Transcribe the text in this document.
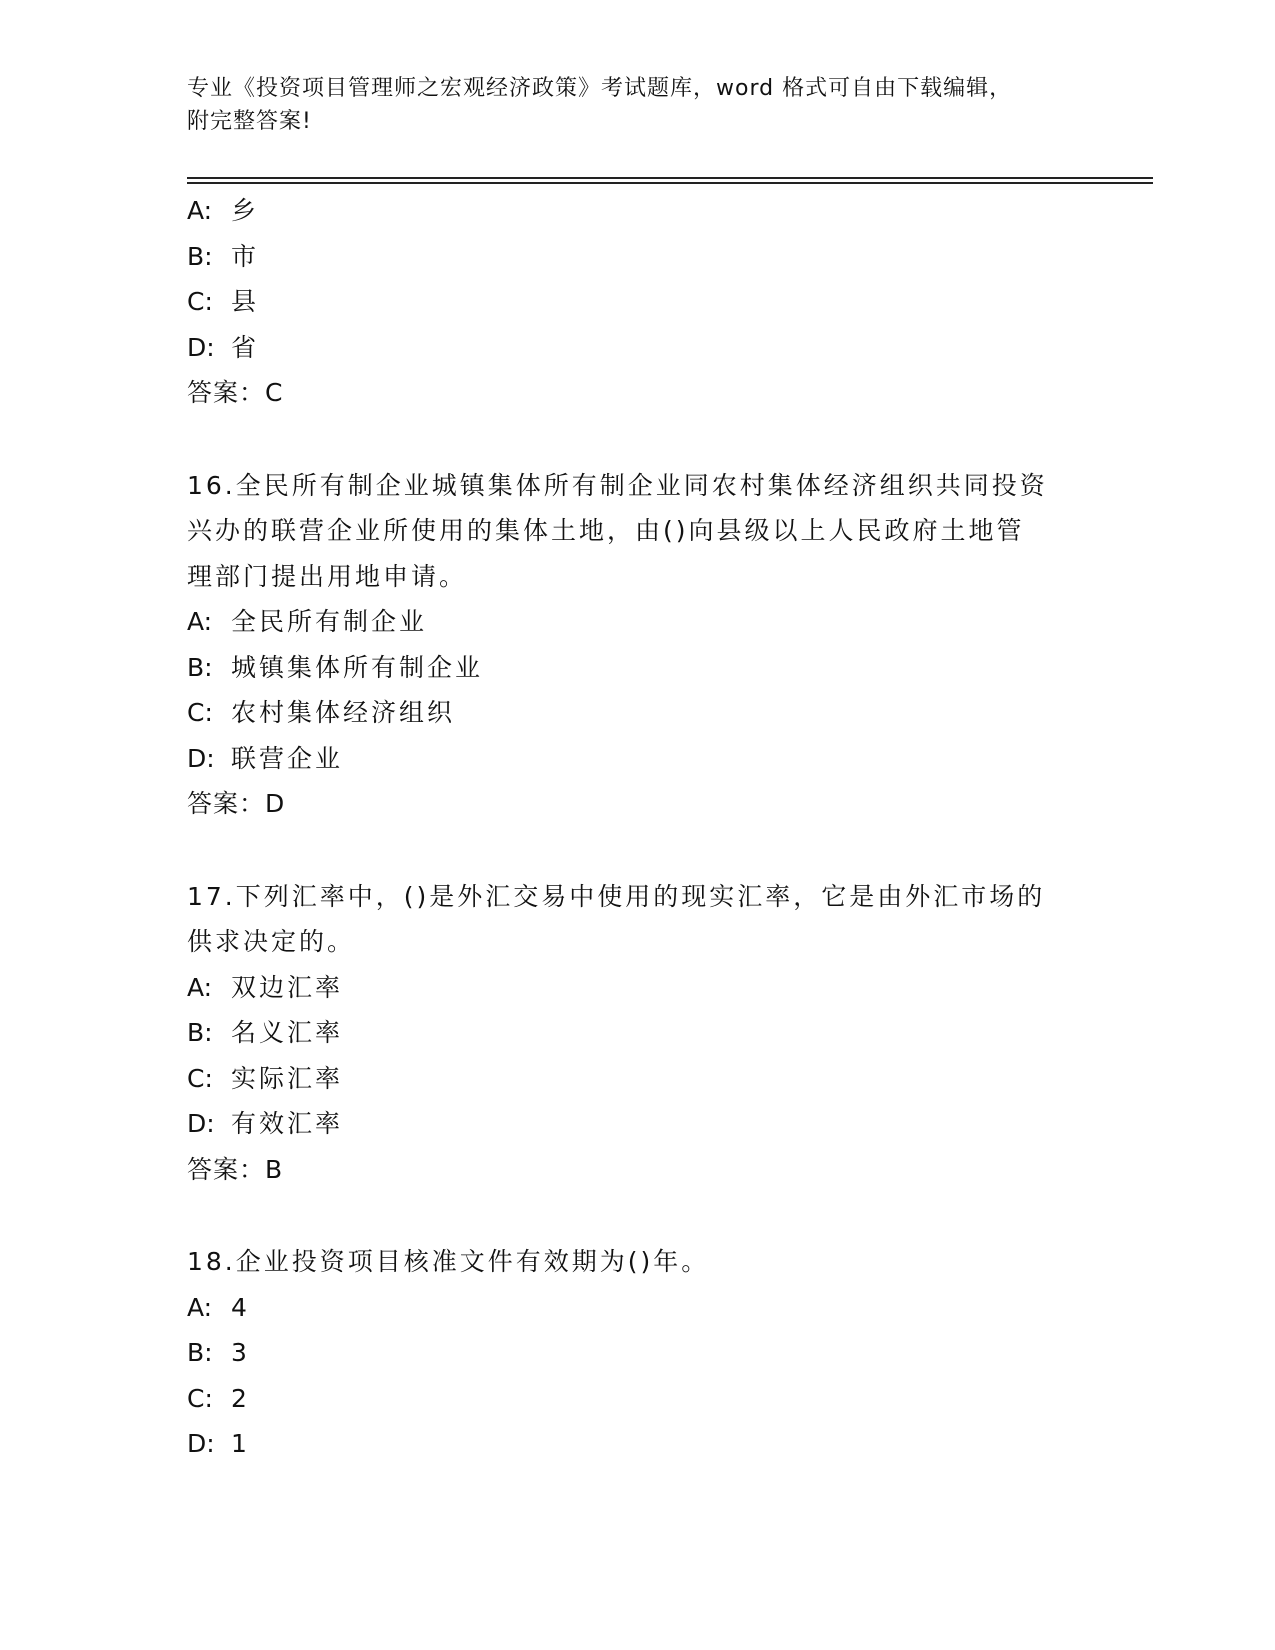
专业《投资项目管理师之宏观经济政策》考试题库，word 格式可自由下载编辑，
附完整答案!
A: 乡
B: 市
C: 县
D: 省
答案：C
16.全民所有制企业城镇集体所有制企业同农村集体经济组织共同投资
兴办的联营企业所使用的集体土地，由()向县级以上人民政府土地管
理部门提出用地申请。
A: 全民所有制企业
B: 城镇集体所有制企业
C: 农村集体经济组织
D: 联营企业
答案：D
17.下列汇率中，()是外汇交易中使用的现实汇率，它是由外汇市场的
供求决定的。
A: 双边汇率
B: 名义汇率
C: 实际汇率
D: 有效汇率
答案：B
18.企业投资项目核准文件有效期为()年。
A: 4
B: 3
C: 2
D: 1
